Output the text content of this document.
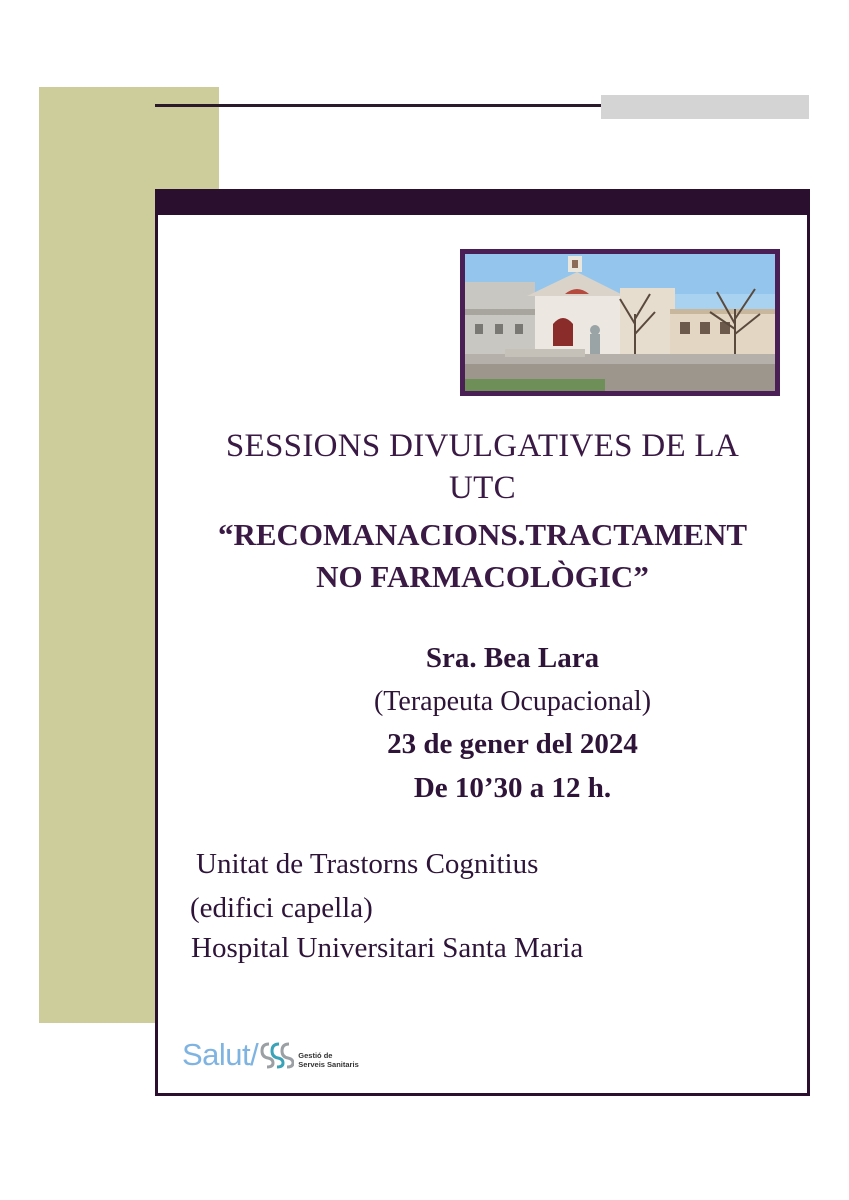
SESSIONS DIVULGATIVES DE LA
UTC
“RECOMANACIONS.TRACTAMENT
NO FARMACOLÒGIC”
Sra. Bea Lara
(Terapeuta Ocupacional)
23 de gener del 2024
De 10’30 a 12 h.
Unitat de Trastorns Cognitius
(edifici capella)
Hospital Universitari Santa Maria
Salut/	Gestió de
Serveis Sanitaris
